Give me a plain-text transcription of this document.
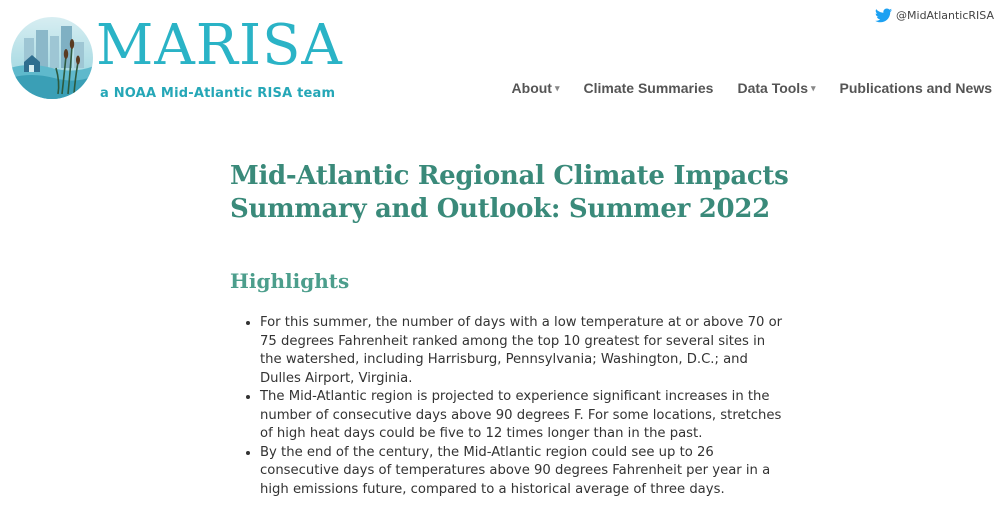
MARISA
a NOAA Mid-Atlantic RISA team
@MidAtlanticRISA
About ▾ Climate Summaries Data Tools ▾ Publications and News
Mid-Atlantic Regional Climate Impacts
Summary and Outlook: Summer 2022
Highlights
• For this summer, the number of days with a low temperature at or above 70 or 75 degrees Fahrenheit ranked among the top 10 greatest for several sites in the watershed, including Harrisburg, Pennsylvania; Washington, D.C.; and Dulles Airport, Virginia.
• The Mid-Atlantic region is projected to experience significant increases in the number of consecutive days above 90 degrees F. For some locations, stretches of high heat days could be five to 12 times longer than in the past.
• By the end of the century, the Mid-Atlantic region could see up to 26 consecutive days of temperatures above 90 degrees Fahrenheit per year in a high emissions future, compared to a historical average of three days.
